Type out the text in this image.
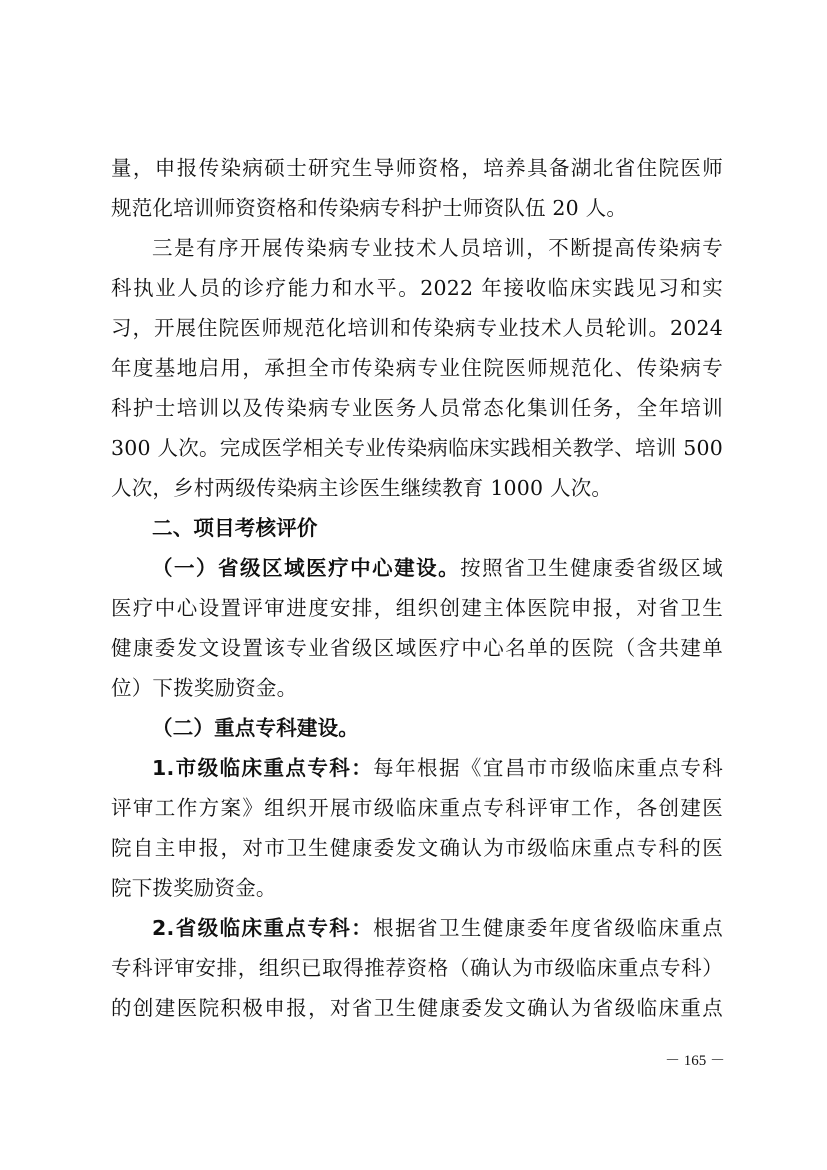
量，申报传染病硕士研究生导师资格，培养具备湖北省住院医师
规范化培训师资资格和传染病专科护士师资队伍 20 人。
三是有序开展传染病专业技术人员培训，不断提高传染病专
科执业人员的诊疗能力和水平。2022 年接收临床实践见习和实
习，开展住院医师规范化培训和传染病专业技术人员轮训。2024
年度基地启用，承担全市传染病专业住院医师规范化、传染病专
科护士培训以及传染病专业医务人员常态化集训任务，全年培训
300 人次。完成医学相关专业传染病临床实践相关教学、培训 500
人次，乡村两级传染病主诊医生继续教育 1000 人次。
二、项目考核评价
（一）省级区域医疗中心建设。按照省卫生健康委省级区域
医疗中心设置评审进度安排，组织创建主体医院申报，对省卫生
健康委发文设置该专业省级区域医疗中心名单的医院（含共建单
位）下拨奖励资金。
（二）重点专科建设。
1.市级临床重点专科：每年根据《宜昌市市级临床重点专科
评审工作方案》组织开展市级临床重点专科评审工作，各创建医
院自主申报，对市卫生健康委发文确认为市级临床重点专科的医
院下拨奖励资金。
2.省级临床重点专科：根据省卫生健康委年度省级临床重点
专科评审安排，组织已取得推荐资格（确认为市级临床重点专科）
的创建医院积极申报，对省卫生健康委发文确认为省级临床重点
－ 165 －
